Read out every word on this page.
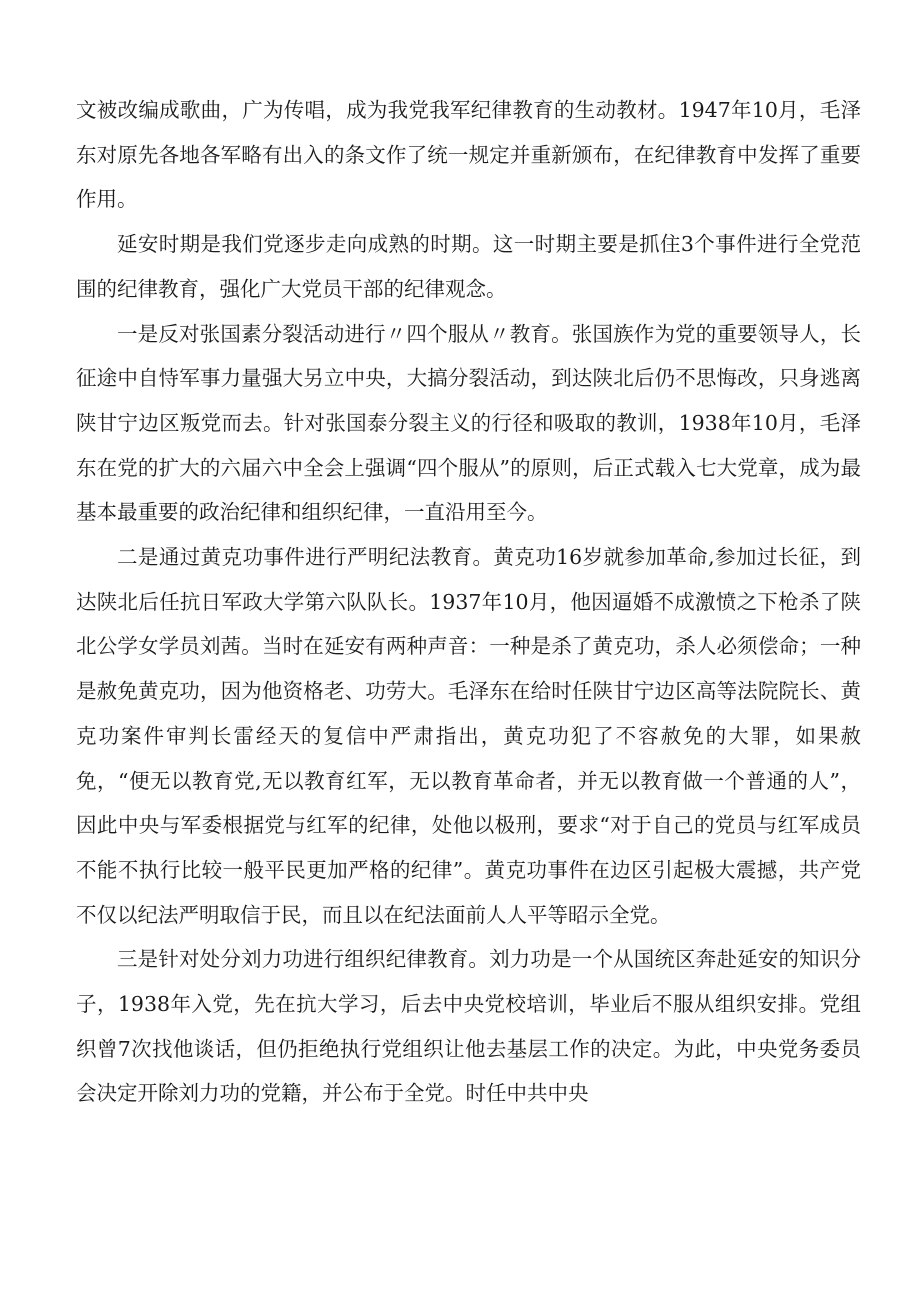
文被改编成歌曲，广为传唱，成为我党我军纪律教育的生动教材。1947年10月，毛泽东对原先各地各军略有出入的条文作了统一规定并重新颁布，在纪律教育中发挥了重要作用。

延安时期是我们党逐步走向成熟的时期。这一时期主要是抓住3个事件进行全党范围的纪律教育，强化广大党员干部的纪律观念。

一是反对张国素分裂活动进行〃四个服从〃教育。张国族作为党的重要领导人，长征途中自恃军事力量强大另立中央，大搞分裂活动，到达陕北后仍不思悔改，只身逃离陕甘宁边区叛党而去。针对张国泰分裂主义的行径和吸取的教训，1938年10月，毛泽东在党的扩大的六届六中全会上强调“四个服从”的原则，后正式载入七大党章，成为最基本最重要的政治纪律和组织纪律，一直沿用至今。

二是通过黄克功事件进行严明纪法教育。黄克功16岁就参加革命,参加过长征，到达陕北后任抗日军政大学第六队队长。1937年10月，他因逼婚不成激愤之下枪杀了陕北公学女学员刘茜。当时在延安有两种声音：一种是杀了黄克功，杀人必须偿命；一种是赦免黄克功，因为他资格老、功劳大。毛泽东在给时任陕甘宁边区高等法院院长、黄克功案件审判长雷经天的复信中严肃指出，黄克功犯了不容赦免的大罪，如果赦免，“便无以教育党,无以教育红军，无以教育革命者，并无以教育做一个普通的人”，因此中央与军委根据党与红军的纪律，处他以极刑，要求“对于自己的党员与红军成员不能不执行比较一般平民更加严格的纪律”。黄克功事件在边区引起极大震撼，共产党不仅以纪法严明取信于民，而且以在纪法面前人人平等昭示全党。

三是针对处分刘力功进行组织纪律教育。刘力功是一个从国统区奔赴延安的知识分子，1938年入党，先在抗大学习，后去中央党校培训，毕业后不服从组织安排。党组织曾7次找他谈话，但仍拒绝执行党组织让他去基层工作的决定。为此，中央党务委员会决定开除刘力功的党籍，并公布于全党。时任中共中央
